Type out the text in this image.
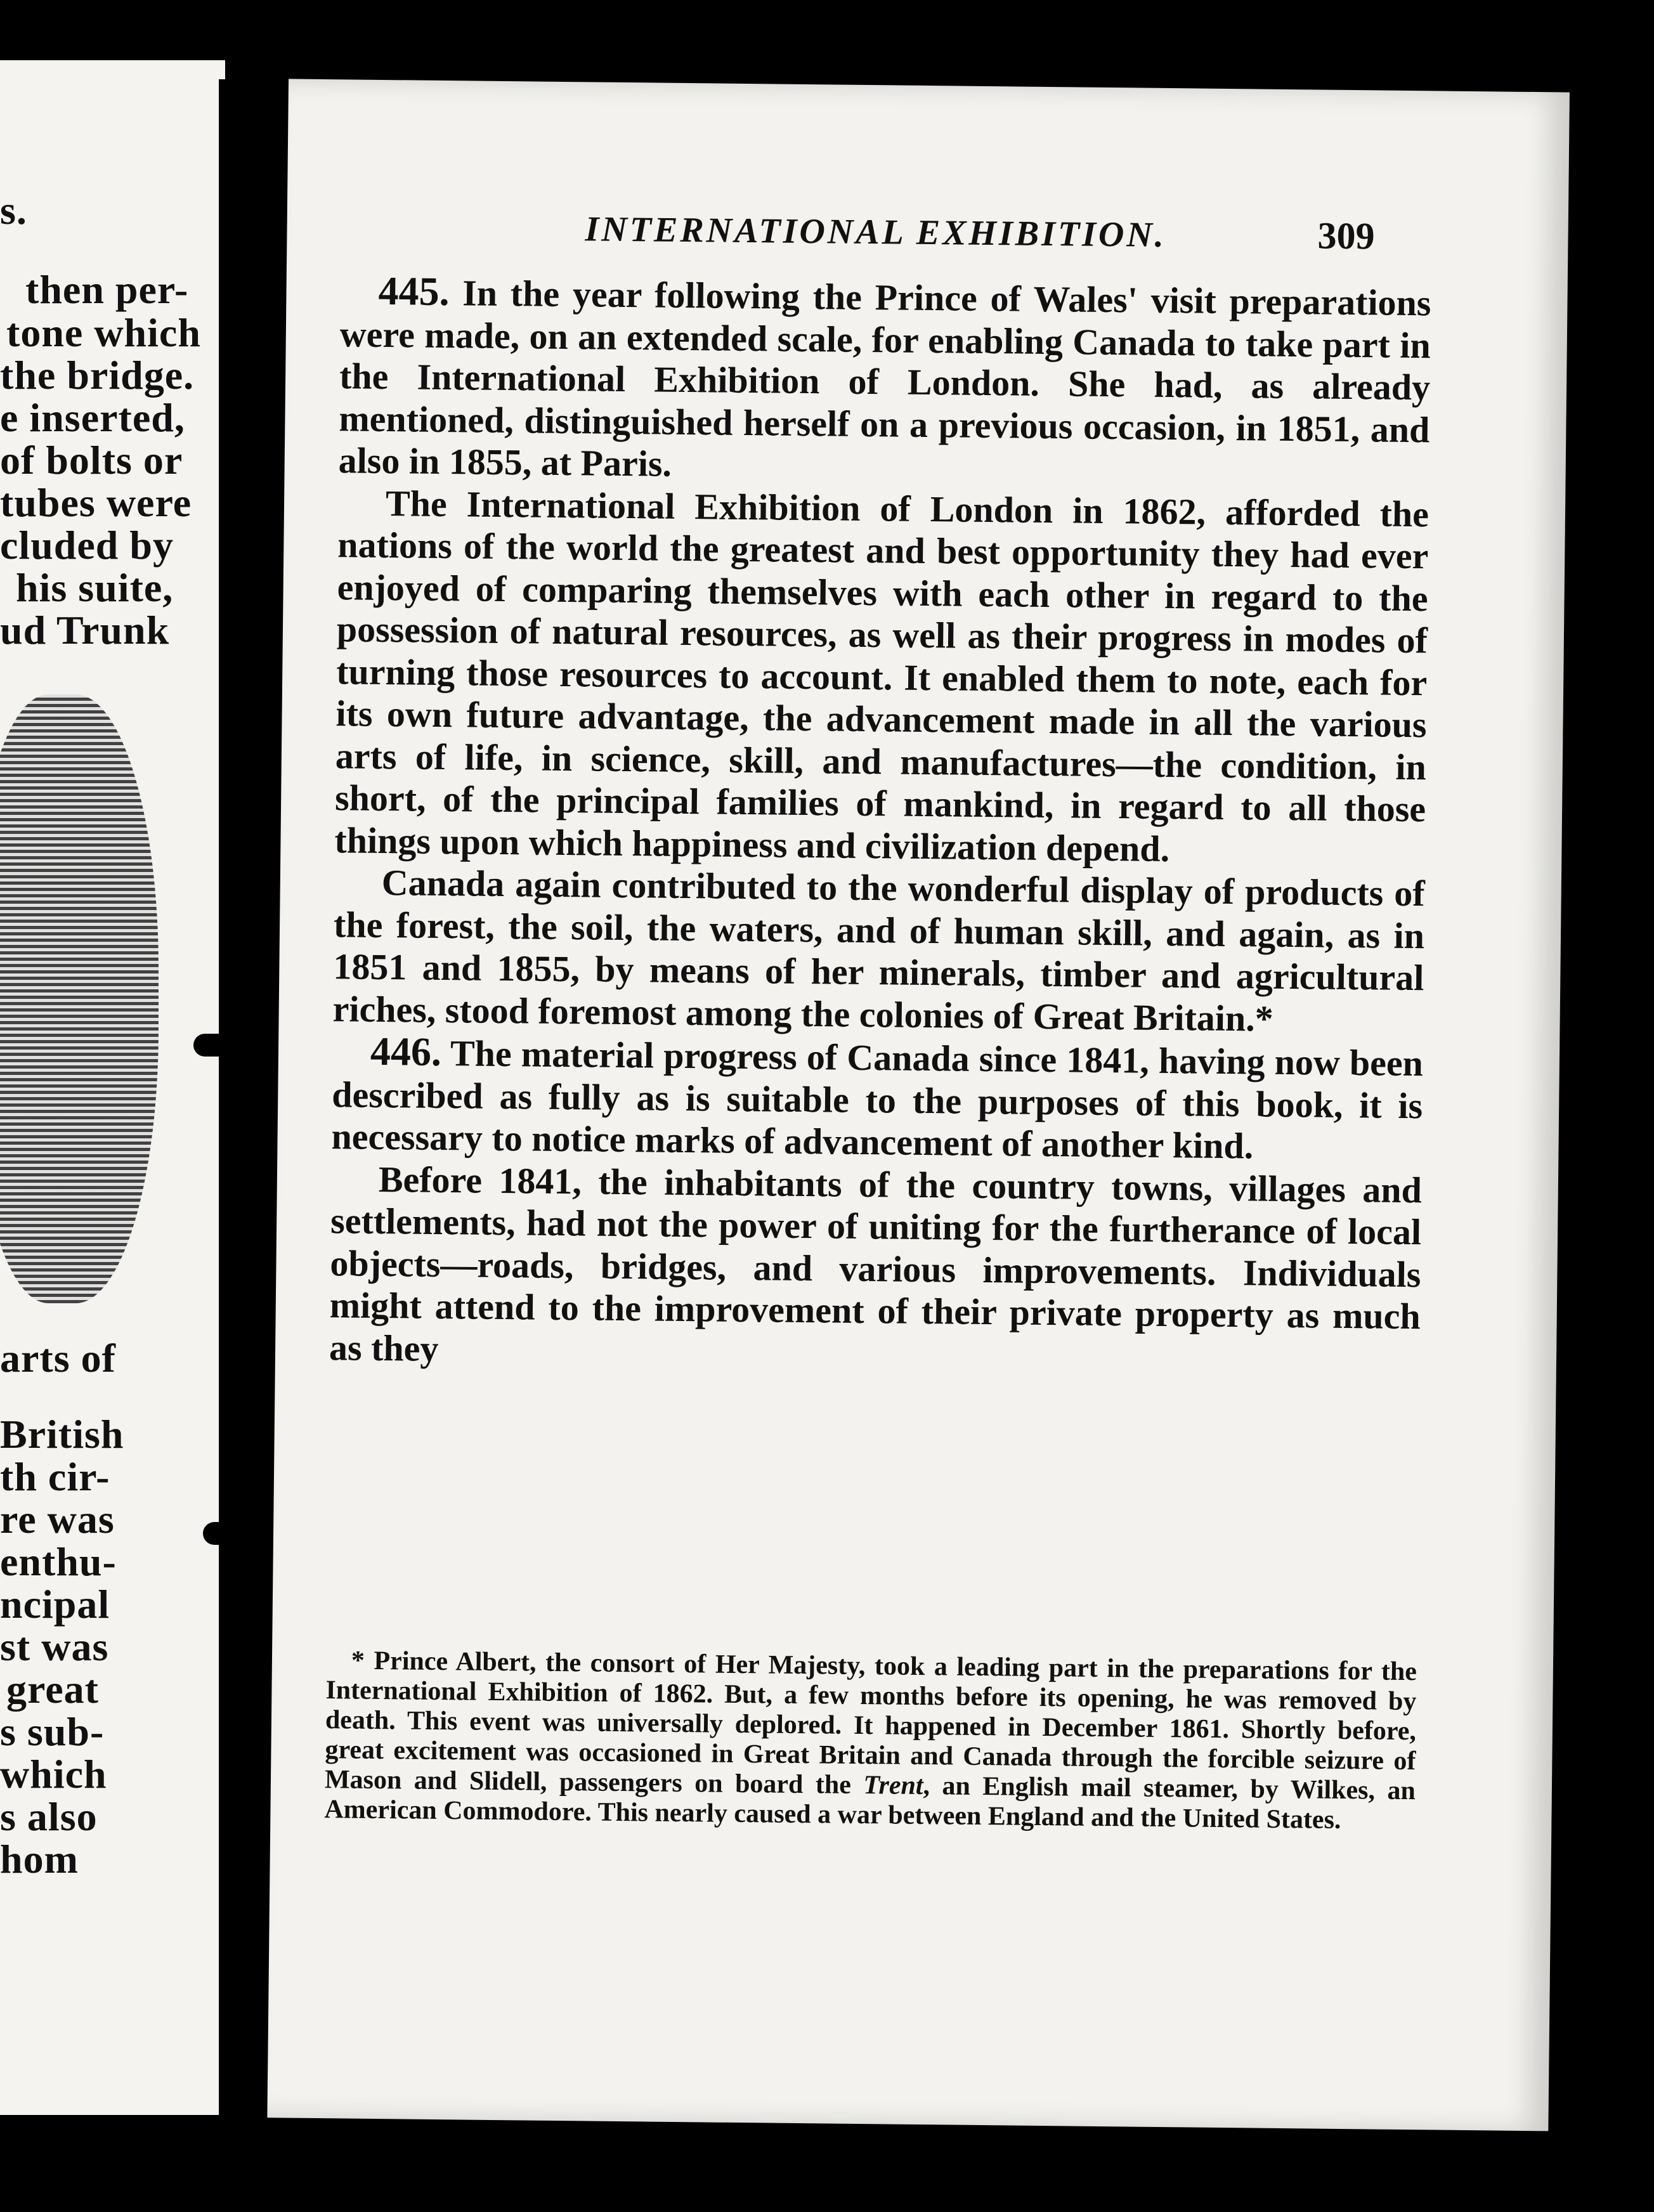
s.
then per-
tone which
the bridge.
e inserted,
of bolts or
tubes were
cluded by
his suite,
ud Trunk
arts of
British
th cir-
re was
enthu-
ncipal
st was
great
s sub-
which
s also
hom
INTERNATIONAL EXHIBITION.	309

445. In the year following the Prince of Wales' visit preparations were made, on an extended scale, for enabling Canada to take part in the International Exhibition of London. She had, as already mentioned, distinguished herself on a previous occasion, in 1851, and also in 1855, at Paris.

The International Exhibition of London in 1862, afforded the nations of the world the greatest and best opportunity they had ever enjoyed of comparing themselves with each other in regard to the possession of natural resources, as well as their progress in modes of turning those resources to account. It enabled them to note, each for its own future advantage, the advancement made in all the various arts of life, in science, skill, and manufactures—the condition, in short, of the principal families of mankind, in regard to all those things upon which happiness and civilization depend.

Canada again contributed to the wonderful display of products of the forest, the soil, the waters, and of human skill, and again, as in 1851 and 1855, by means of her minerals, timber and agricultural riches, stood foremost among the colonies of Great Britain.*

446. The material progress of Canada since 1841, having now been described as fully as is suitable to the purposes of this book, it is necessary to notice marks of advancement of another kind.

Before 1841, the inhabitants of the country towns, villages and settlements, had not the power of uniting for the furtherance of local objects—roads, bridges, and various improvements. Individuals might attend to the improvement of their private property as much as they

* Prince Albert, the consort of Her Majesty, took a leading part in the preparations for the International Exhibition of 1862. But, a few months before its opening, he was removed by death. This event was universally deplored. It happened in December 1861. Shortly before, great excitement was occasioned in Great Britain and Canada through the forcible seizure of Mason and Slidell, passengers on board the Trent, an English mail steamer, by Wilkes, an American Commodore. This nearly caused a war between England and the United States.
